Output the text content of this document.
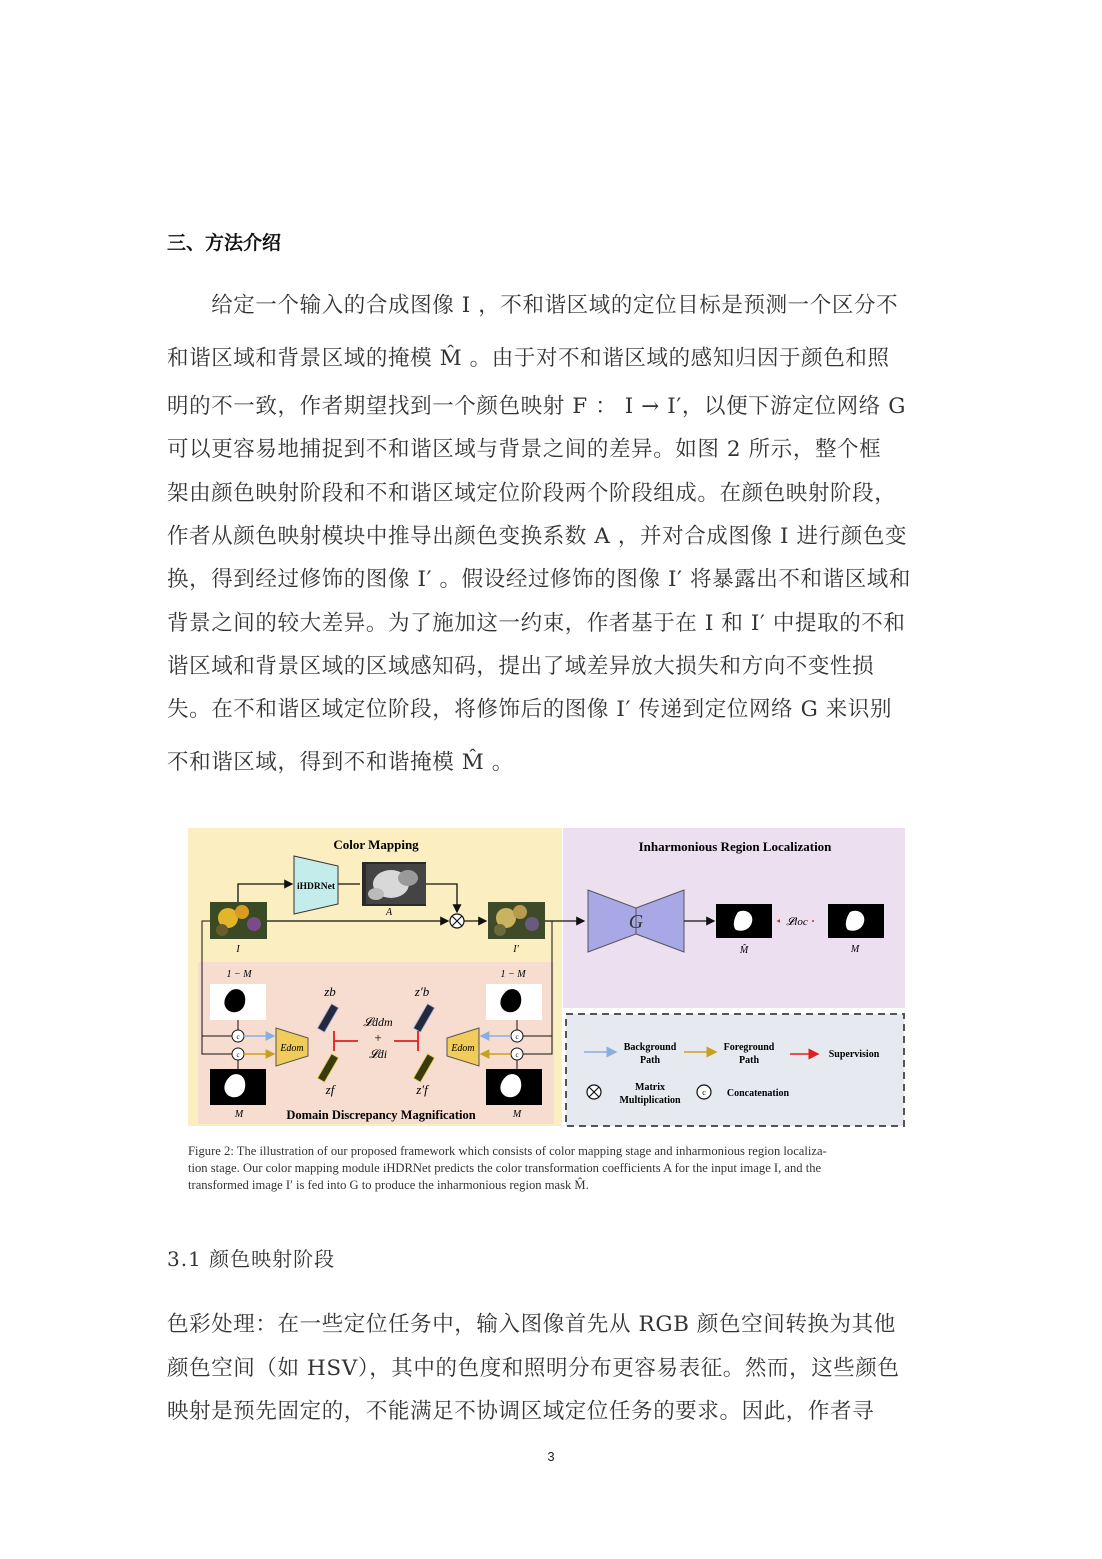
三、方法介绍
　　给定一个输入的合成图像 I ，不和谐区域的定位目标是预测一个区分不
和谐区域和背景区域的掩模 M̂ 。由于对不和谐区域的感知归因于颜色和照
明的不一致，作者期望找到一个颜色映射 F ： I → I′，以便下游定位网络 G
可以更容易地捕捉到不和谐区域与背景之间的差异。如图 2 所示，整个框
架由颜色映射阶段和不和谐区域定位阶段两个阶段组成。在颜色映射阶段，
作者从颜色映射模块中推导出颜色变换系数 A ，并对合成图像 I 进行颜色变
换，得到经过修饰的图像 I′ 。假设经过修饰的图像 I′ 将暴露出不和谐区域和
背景之间的较大差异。为了施加这一约束，作者基于在 I 和 I′ 中提取的不和
谐区域和背景区域的区域感知码，提出了域差异放大损失和方向不变性损
失。在不和谐区域定位阶段，将修饰后的图像 I′ 传递到定位网络 G 来识别
不和谐区域，得到不和谐掩模 M̂ 。
Color Mapping	Inharmonious Region Localization
iHDRNet
A
I	I′
G
M̂
𝓛loc
M
1 − M
M
c
c
Edom
zb
zf
1 − M
M
c
c
Edom
z′b
z′f
𝓛ddm
+
𝓛di
Domain Discrepancy Magnification
Background
Path
Foreground
Path
Supervision
Matrix
Multiplication
c Concatenation
Figure 2: The illustration of our proposed framework which consists of color mapping stage and inharmonious region localiza-
tion stage. Our color mapping module iHDRNet predicts the color transformation coefficients A for the input image I, and the
transformed image I′ is fed into G to produce the inharmonious region mask M̂.
3.1 颜色映射阶段
色彩处理：在一些定位任务中，输入图像首先从 RGB 颜色空间转换为其他
颜色空间（如 HSV），其中的色度和照明分布更容易表征。然而，这些颜色
映射是预先固定的，不能满足不协调区域定位任务的要求。因此，作者寻
3
